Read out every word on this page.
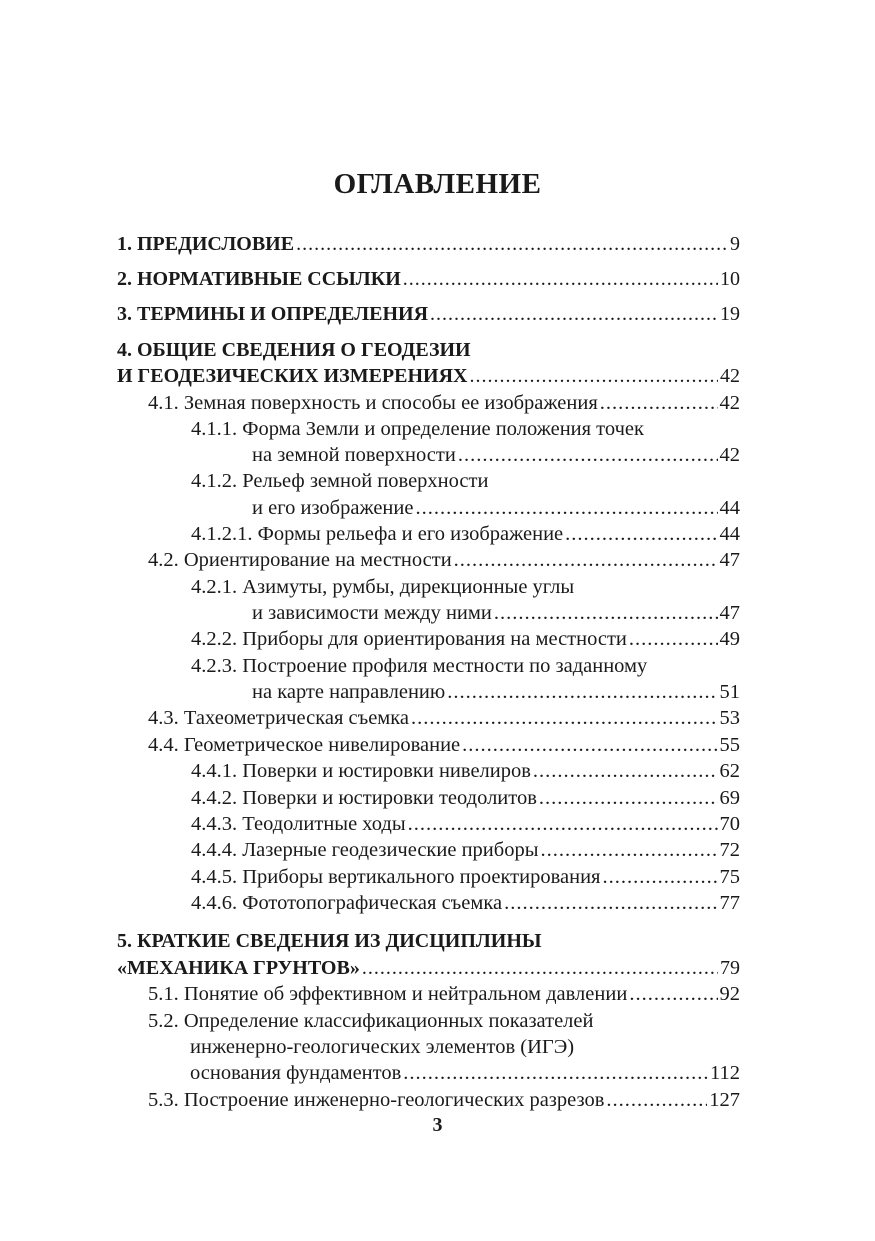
ОГЛАВЛЕНИЕ
1. ПРЕДИСЛОВИЕ .....	9
2. НОРМАТИВНЫЕ ССЫЛКИ .....	10
3. ТЕРМИНЫ И ОПРЕДЕЛЕНИЯ .....	19
4. ОБЩИЕ СВЕДЕНИЯ О ГЕОДЕЗИИ
И ГЕОДЕЗИЧЕСКИХ ИЗМЕРЕНИЯХ .....	42
4.1. Земная поверхность и способы ее изображения .....	42
4.1.1. Форма Земли и определение положения точек
на земной поверхности .....	42
4.1.2. Рельеф земной поверхности
и его изображение .....	44
4.1.2.1. Формы рельефа и его изображение .....	44
4.2. Ориентирование на местности .....	47
4.2.1. Азимуты, румбы, дирекционные углы
и зависимости между ними .....	47
4.2.2. Приборы для ориентирования на местности .....	49
4.2.3. Построение профиля местности по заданному
на карте направлению .....	51
4.3. Тахеометрическая съемка .....	53
4.4. Геометрическое нивелирование .....	55
4.4.1. Поверки и юстировки нивелиров .....	62
4.4.2. Поверки и юстировки теодолитов .....	69
4.4.3. Теодолитные ходы .....	70
4.4.4. Лазерные геодезические приборы .....	72
4.4.5. Приборы вертикального проектирования .....	75
4.4.6. Фототопографическая съемка .....	77
5. КРАТКИЕ СВЕДЕНИЯ ИЗ ДИСЦИПЛИНЫ
«МЕХАНИКА ГРУНТОВ» .....	79
5.1. Понятие об эффективном и нейтральном давлении .....	92
5.2. Определение классификационных показателей
инженерно-геологических элементов (ИГЭ)
основания фундаментов .....	112
5.3. Построение инженерно-геологических разрезов .....	127
3
